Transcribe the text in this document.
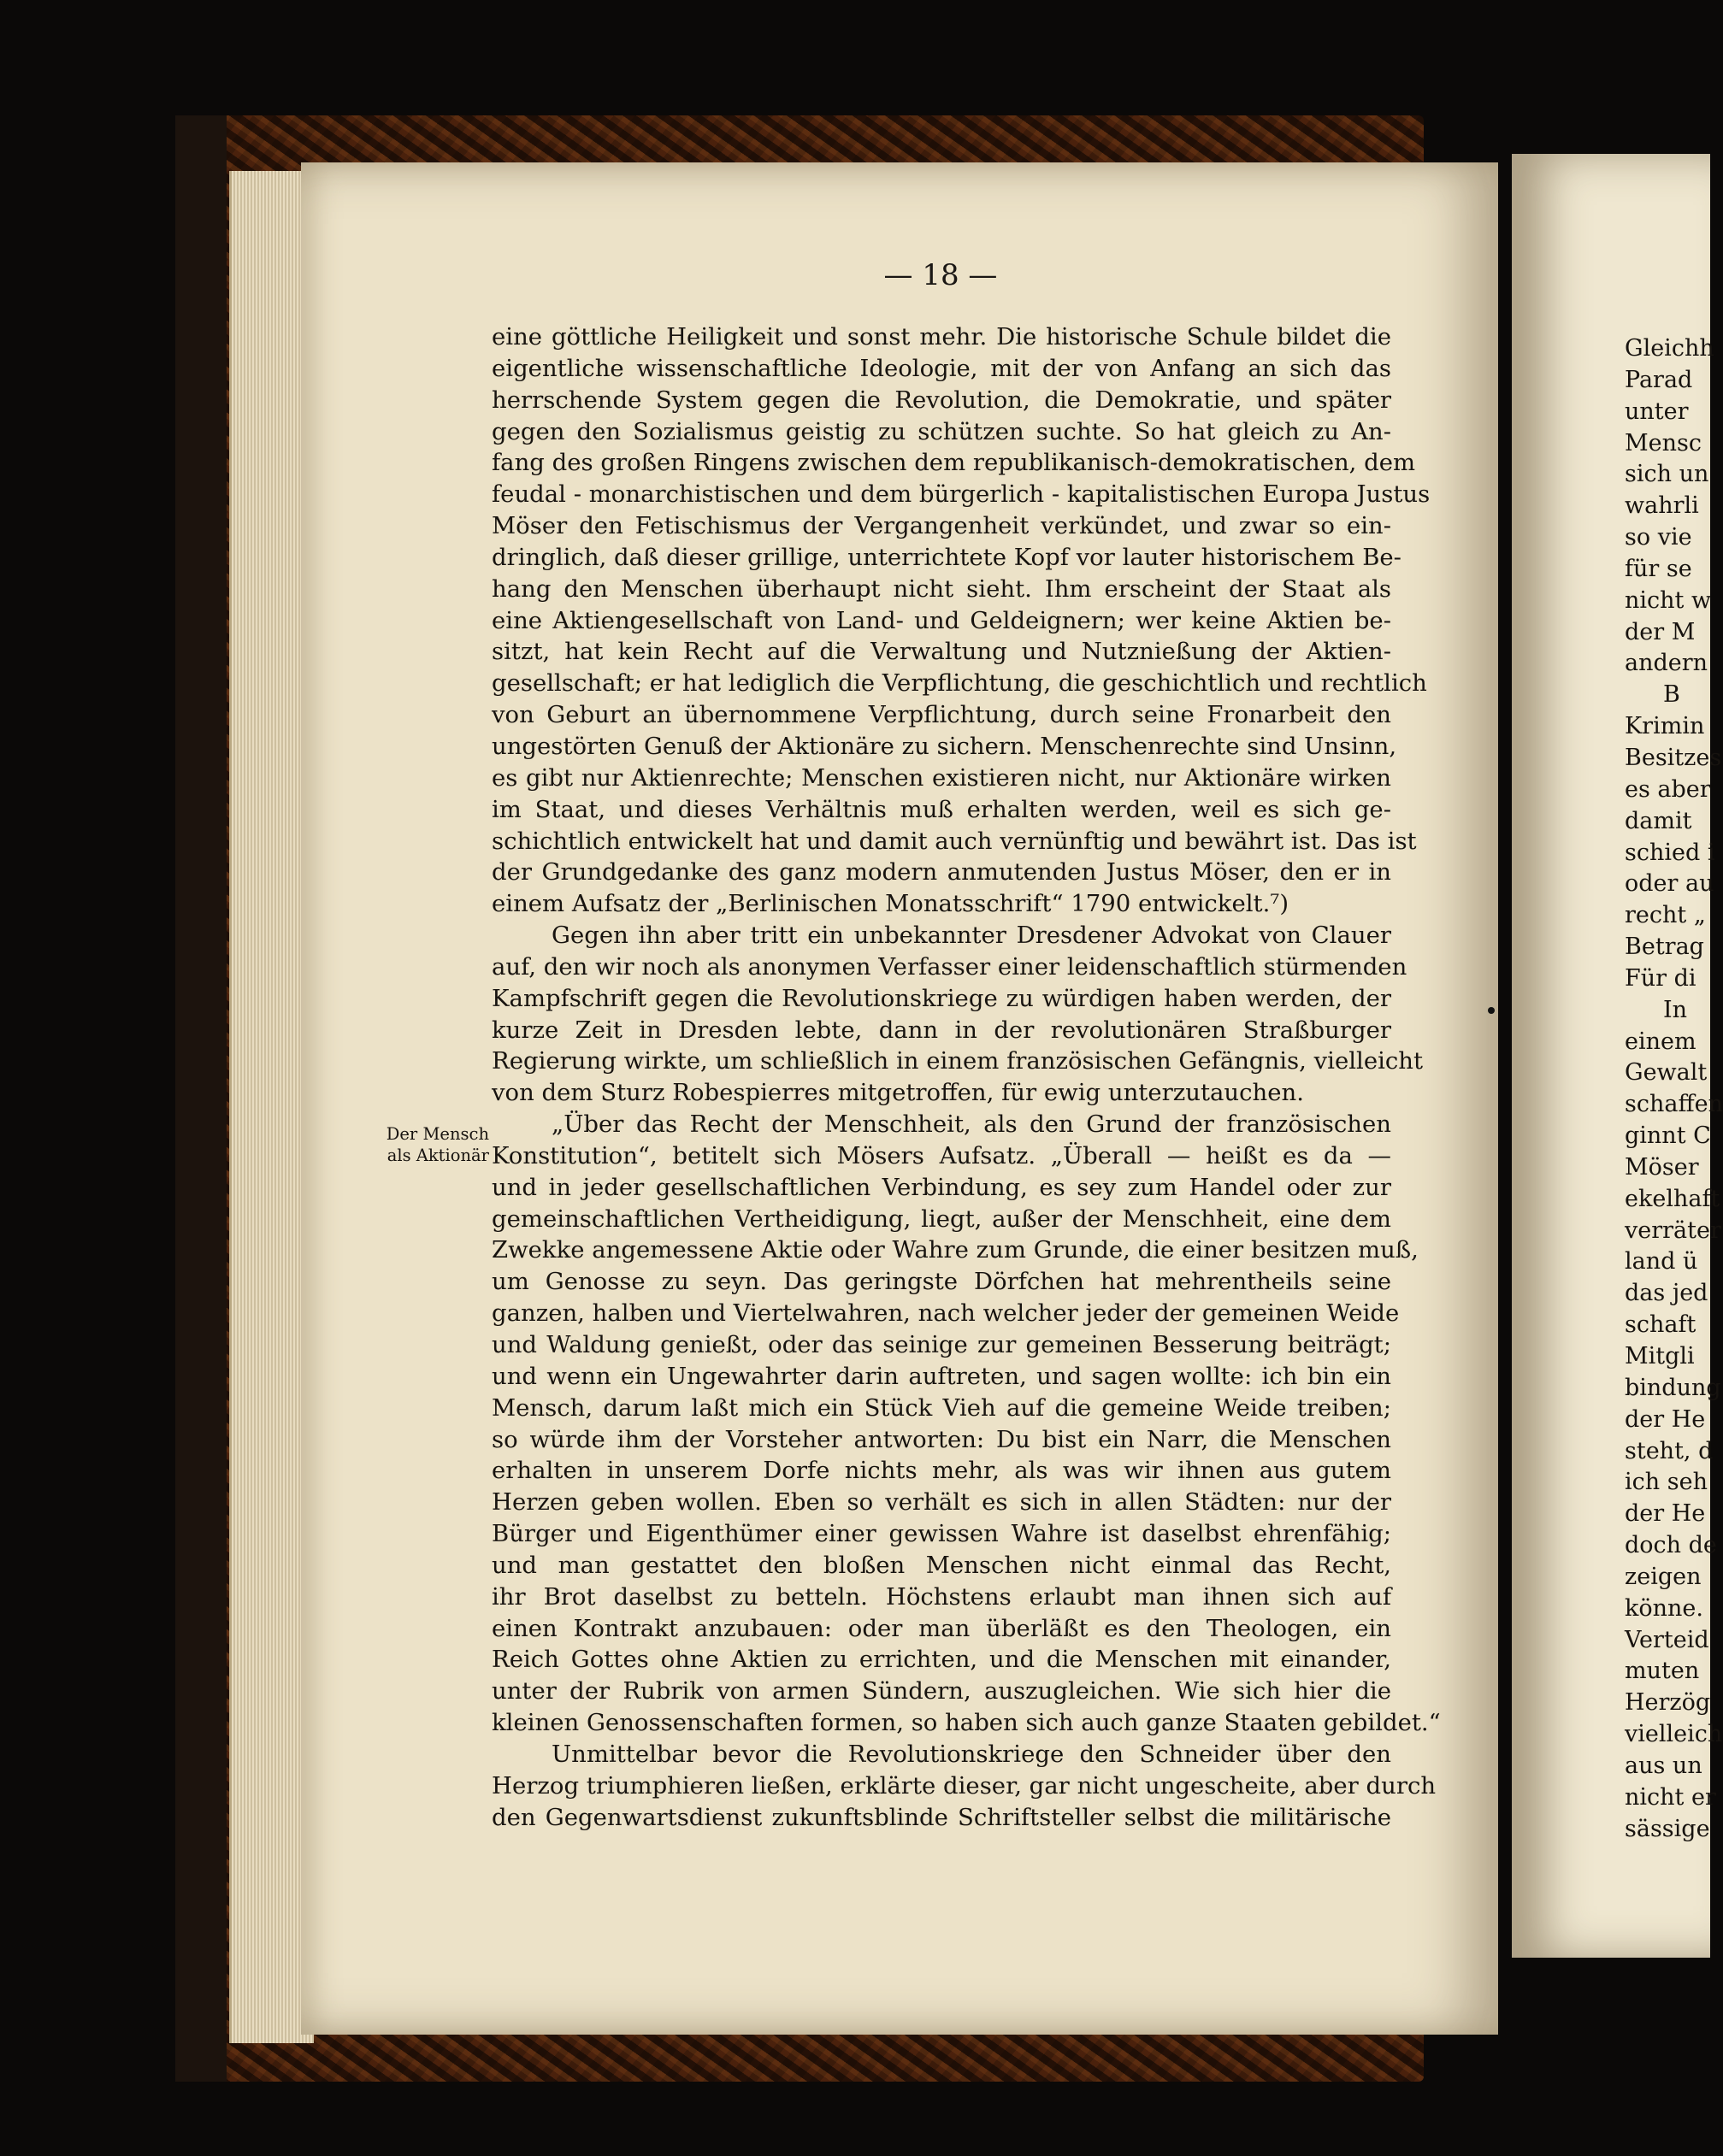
— 18 —
Der Mensch
als Aktionär
eine göttliche Heiligkeit und sonst mehr. Die historische Schule bildet die
eigentliche wissenschaftliche Ideologie, mit der von Anfang an sich das
herrschende System gegen die Revolution, die Demokratie, und später
gegen den Sozialismus geistig zu schützen suchte. So hat gleich zu An-
fang des großen Ringens zwischen dem republikanisch-demokratischen, dem
feudal - monarchistischen und dem bürgerlich - kapitalistischen Europa Justus
Möser den Fetischismus der Vergangenheit verkündet, und zwar so ein-
dringlich, daß dieser grillige, unterrichtete Kopf vor lauter historischem Be-
hang den Menschen überhaupt nicht sieht. Ihm erscheint der Staat als
eine Aktiengesellschaft von Land- und Geldeignern; wer keine Aktien be-
sitzt, hat kein Recht auf die Verwaltung und Nutznießung der Aktien-
gesellschaft; er hat lediglich die Verpflichtung, die geschichtlich und rechtlich
von Geburt an übernommene Verpflichtung, durch seine Fronarbeit den
ungestörten Genuß der Aktionäre zu sichern. Menschenrechte sind Unsinn,
es gibt nur Aktienrechte; Menschen existieren nicht, nur Aktionäre wirken
im Staat, und dieses Verhältnis muß erhalten werden, weil es sich ge-
schichtlich entwickelt hat und damit auch vernünftig und bewährt ist. Das ist
der Grundgedanke des ganz modern anmutenden Justus Möser, den er in
einem Aufsatz der „Berlinischen Monatsschrift“ 1790 entwickelt.⁷)
Gegen ihn aber tritt ein unbekannter Dresdener Advokat von Clauer
auf, den wir noch als anonymen Verfasser einer leidenschaftlich stürmenden
Kampfschrift gegen die Revolutionskriege zu würdigen haben werden, der
kurze Zeit in Dresden lebte, dann in der revolutionären Straßburger
Regierung wirkte, um schließlich in einem französischen Gefängnis, vielleicht
von dem Sturz Robespierres mitgetroffen, für ewig unterzutauchen.
„Über das Recht der Menschheit, als den Grund der französischen
Konstitution“, betitelt sich Mösers Aufsatz. „Überall — heißt es da —
und in jeder gesellschaftlichen Verbindung, es sey zum Handel oder zur
gemeinschaftlichen Vertheidigung, liegt, außer der Menschheit, eine dem
Zwekke angemessene Aktie oder Wahre zum Grunde, die einer besitzen muß,
um Genosse zu seyn. Das geringste Dörfchen hat mehrentheils seine
ganzen, halben und Viertelwahren, nach welcher jeder der gemeinen Weide
und Waldung genießt, oder das seinige zur gemeinen Besserung beiträgt;
und wenn ein Ungewahrter darin auftreten, und sagen wollte: ich bin ein
Mensch, darum laßt mich ein Stück Vieh auf die gemeine Weide treiben;
so würde ihm der Vorsteher antworten: Du bist ein Narr, die Menschen
erhalten in unserem Dorfe nichts mehr, als was wir ihnen aus gutem
Herzen geben wollen. Eben so verhält es sich in allen Städten: nur der
Bürger und Eigenthümer einer gewissen Wahre ist daselbst ehrenfähig;
und man gestattet den bloßen Menschen nicht einmal das Recht,
ihr Brot daselbst zu betteln. Höchstens erlaubt man ihnen sich auf
einen Kontrakt anzubauen: oder man überläßt es den Theologen, ein
Reich Gottes ohne Aktien zu errichten, und die Menschen mit einander,
unter der Rubrik von armen Sündern, auszugleichen. Wie sich hier die
kleinen Genossenschaften formen, so haben sich auch ganze Staaten gebildet.“
Unmittelbar bevor die Revolutionskriege den Schneider über den
Herzog triumphieren ließen, erklärte dieser, gar nicht ungescheite, aber durch
den Gegenwartsdienst zukunftsblinde Schriftsteller selbst die militärische
Gleichh
Parad
unter
Mensc
sich un
wahrli
so vie
für se
nicht w
der M
andern
B
Krimin
Besitzes
es aber
damit
schied i
oder au
recht „
Betrag
Für di
In
einem
Gewalt
schaffen
ginnt C
Möser
ekelhaft
verräter
land ü
das jed
schaft
Mitgli
bindung
der He
steht, d
ich seh
der He
doch de
zeigen
könne.
Verteid
muten
Herzög
vielleich
aus un
nicht er
sässige
